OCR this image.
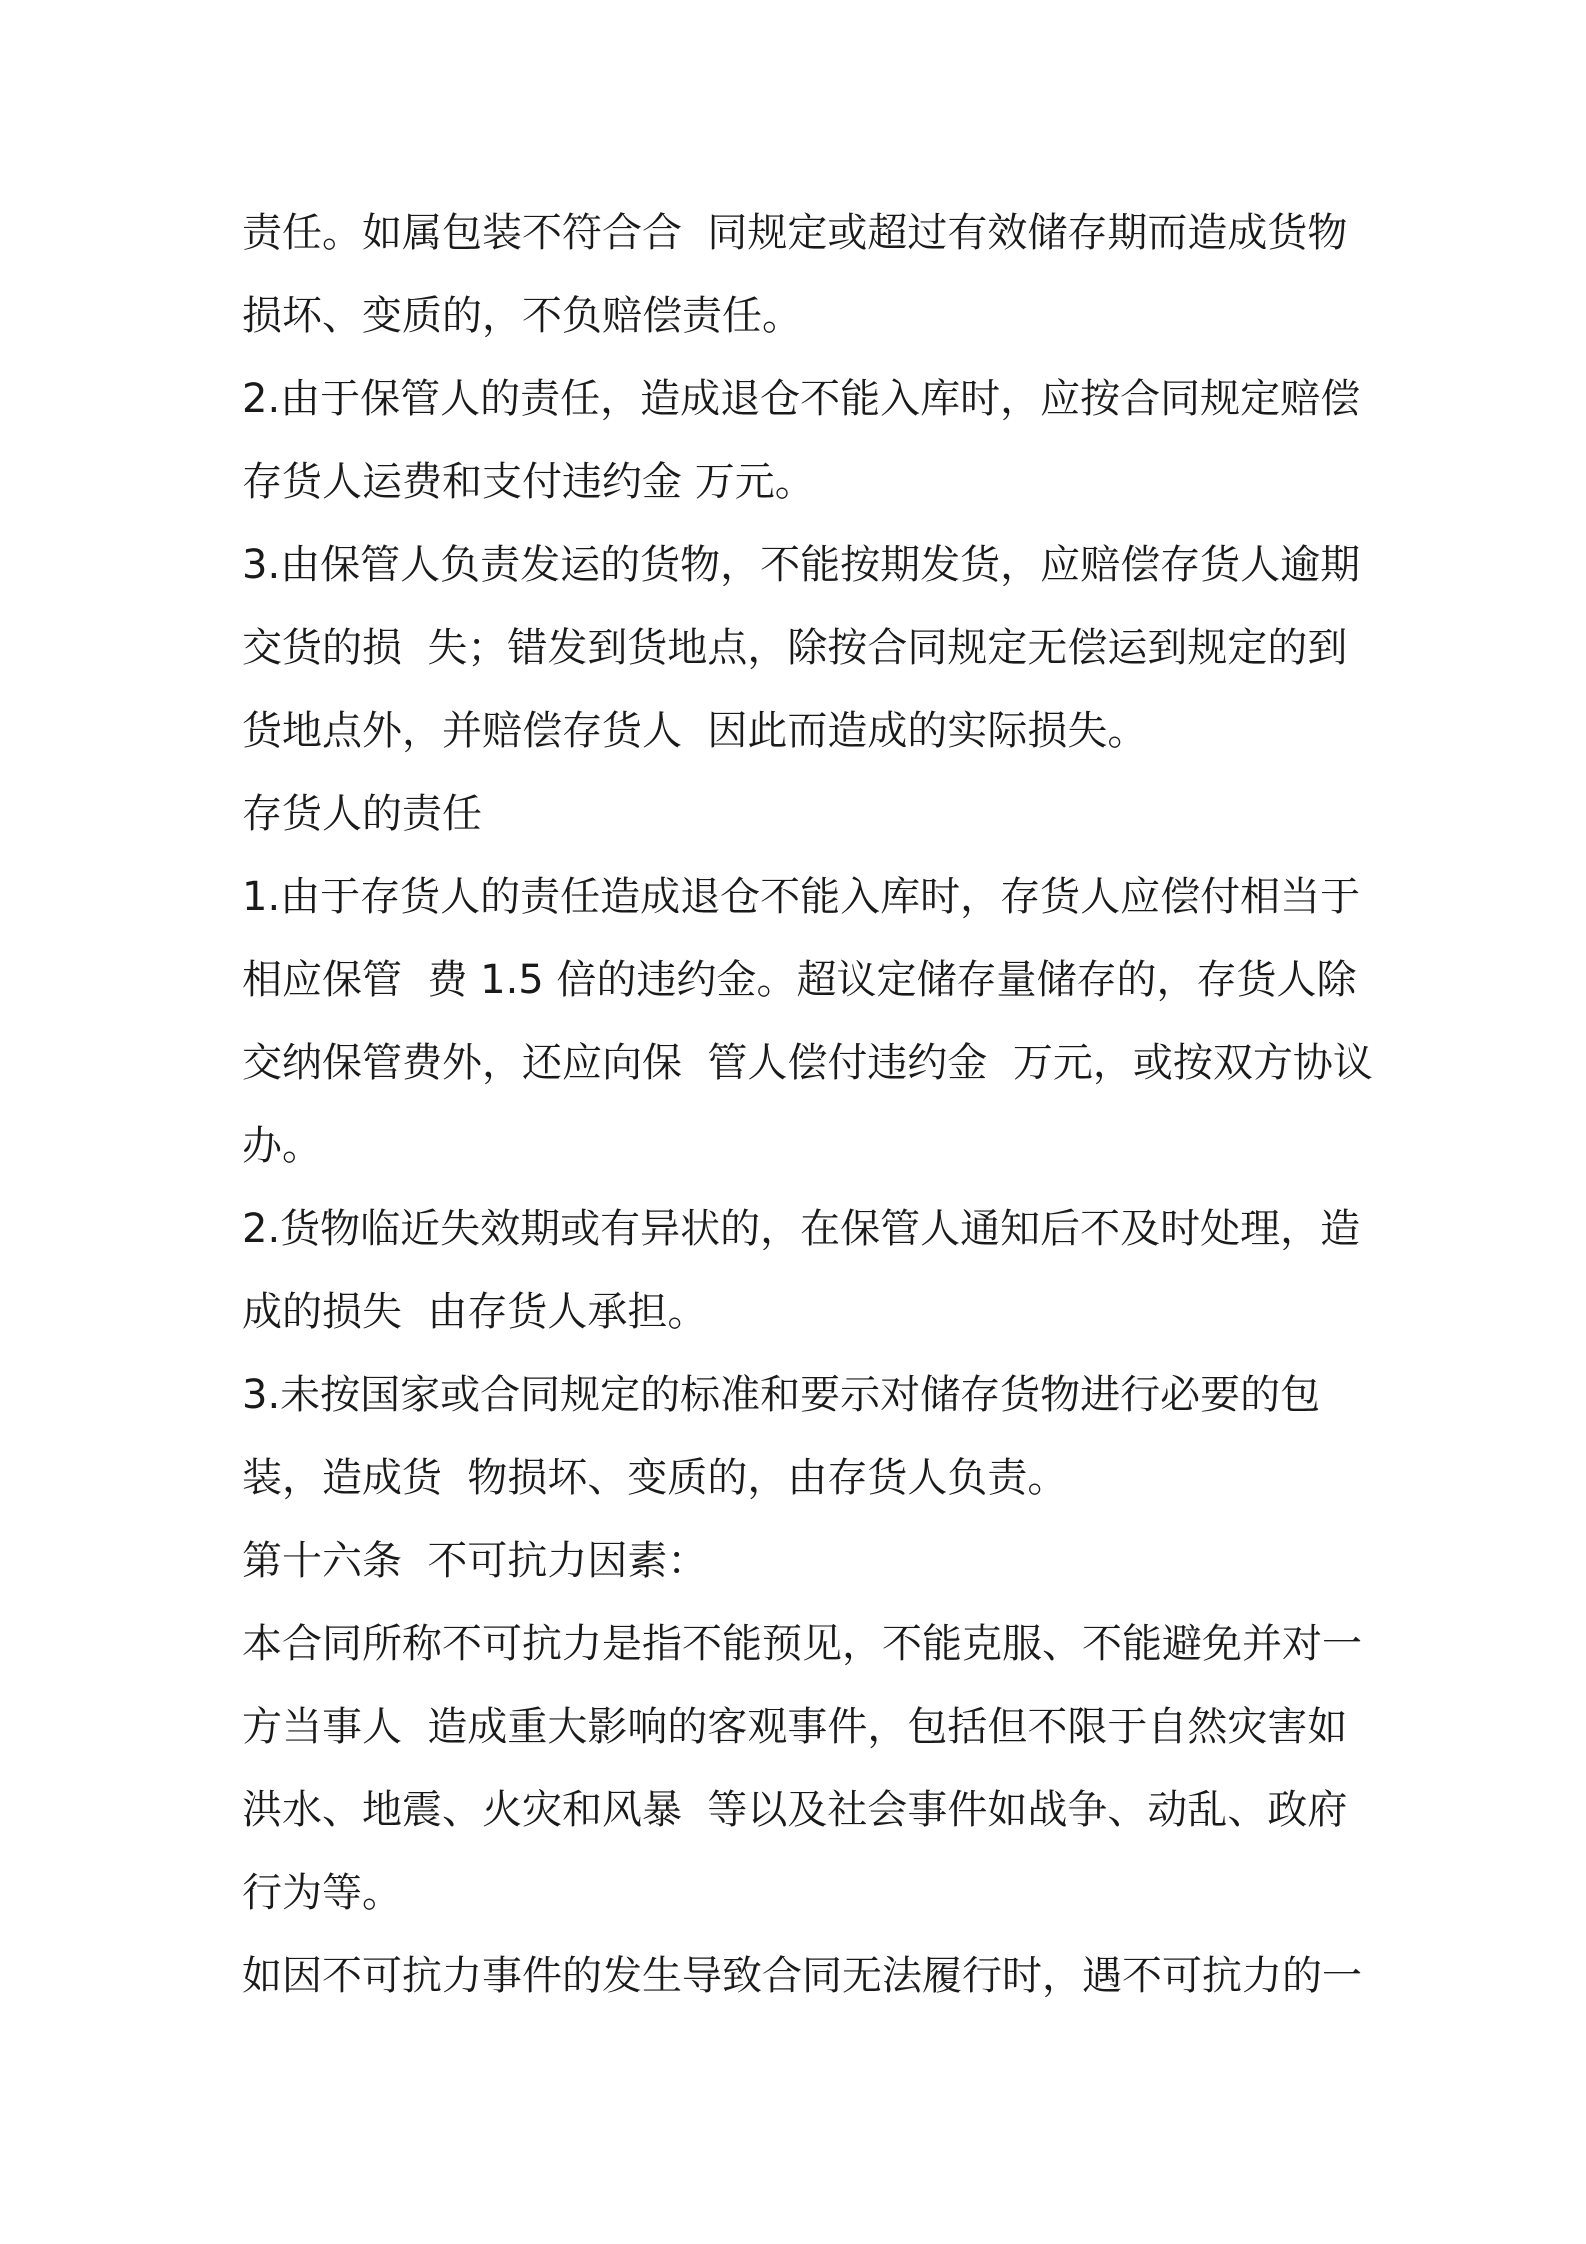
责任。如属包装不符合合  同规定或超过有效储存期而造成货物
损坏、变质的，不负赔偿责任。
2.由于保管人的责任，造成退仓不能入库时，应按合同规定赔偿
存货人运费和支付违约金 万元。
3.由保管人负责发运的货物，不能按期发货，应赔偿存货人逾期
交货的损  失；错发到货地点，除按合同规定无偿运到规定的到
货地点外，并赔偿存货人  因此而造成的实际损失。
存货人的责任
1.由于存货人的责任造成退仓不能入库时，存货人应偿付相当于
相应保管  费 1.5 倍的违约金。超议定储存量储存的，存货人除
交纳保管费外，还应向保  管人偿付违约金  万元，或按双方协议
办。
2.货物临近失效期或有异状的，在保管人通知后不及时处理，造
成的损失  由存货人承担。
3.未按国家或合同规定的标准和要示对储存货物进行必要的包
装，造成货  物损坏、变质的，由存货人负责。
第十六条  不可抗力因素：
本合同所称不可抗力是指不能预见，不能克服、不能避免并对一
方当事人  造成重大影响的客观事件，包括但不限于自然灾害如
洪水、地震、火灾和风暴  等以及社会事件如战争、动乱、政府
行为等。
如因不可抗力事件的发生导致合同无法履行时，遇不可抗力的一
